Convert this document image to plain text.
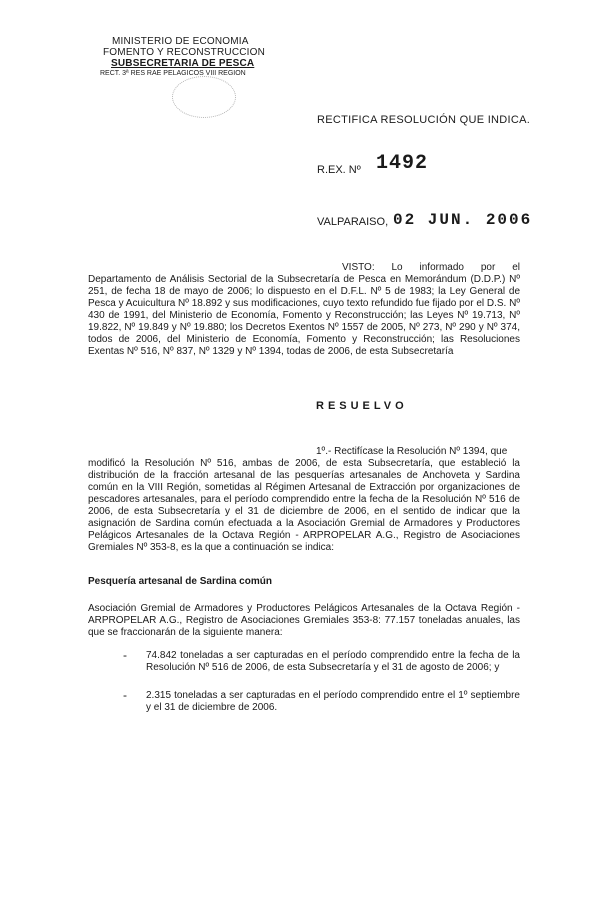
MINISTERIO DE ECONOMIA
FOMENTO Y RECONSTRUCCION
SUBSECRETARIA DE PESCA
RECT. 3ª RES RAE PELAGICOS VIII REGION
RECTIFICA RESOLUCIÓN QUE INDICA.
R.EX. Nº 1492
VALPARAISO, 02 JUN. 2006
VISTO: Lo informado por el Departamento de Análisis Sectorial de la Subsecretaría de Pesca en Memorándum (D.D.P.) Nº 251, de fecha 18 de mayo de 2006; lo dispuesto en el D.F.L. Nº 5 de 1983; la Ley General de Pesca y Acuicultura Nº 18.892 y sus modificaciones, cuyo texto refundido fue fijado por el D.S. Nº 430 de 1991, del Ministerio de Economía, Fomento y Reconstrucción; las Leyes Nº 19.713, Nº 19.822, Nº 19.849 y Nº 19.880; los Decretos Exentos Nº 1557 de 2005, Nº 273, Nº 290 y Nº 374, todos de 2006, del Ministerio de Economía, Fomento y Reconstrucción; las Resoluciones Exentas Nº 516, Nº 837, Nº 1329 y Nº 1394, todas de 2006, de esta Subsecretaría
RESUELVO
1º.- Rectifícase la Resolución Nº 1394, que
modificó la Resolución Nº 516, ambas de 2006, de esta Subsecretaría, que estableció la distribución de la fracción artesanal de las pesquerías artesanales de Anchoveta y Sardina común en la VIII Región, sometidas al Régimen Artesanal de Extracción por organizaciones de pescadores artesanales, para el período comprendido entre la fecha de la Resolución Nº 516 de 2006, de esta Subsecretaría y el 31 de diciembre de 2006, en el sentido de indicar que la asignación de Sardina común efectuada a la Asociación Gremial de Armadores y Productores Pelágicos Artesanales de la Octava Región - ARPROPELAR A.G., Registro de Asociaciones Gremiales Nº 353-8, es la que a continuación se indica:
Pesquería artesanal de Sardina común
Asociación Gremial de Armadores y Productores Pelágicos Artesanales de la Octava Región - ARPROPELAR A.G., Registro de Asociaciones Gremiales 353-8: 77.157 toneladas anuales, las que se fraccionarán de la siguiente manera:
- 74.842 toneladas a ser capturadas en el período comprendido entre la fecha de la Resolución Nº 516 de 2006, de esta Subsecretaría y el 31 de agosto de 2006; y
- 2.315 toneladas a ser capturadas en el período comprendido entre el 1º septiembre y el 31 de diciembre de 2006.
